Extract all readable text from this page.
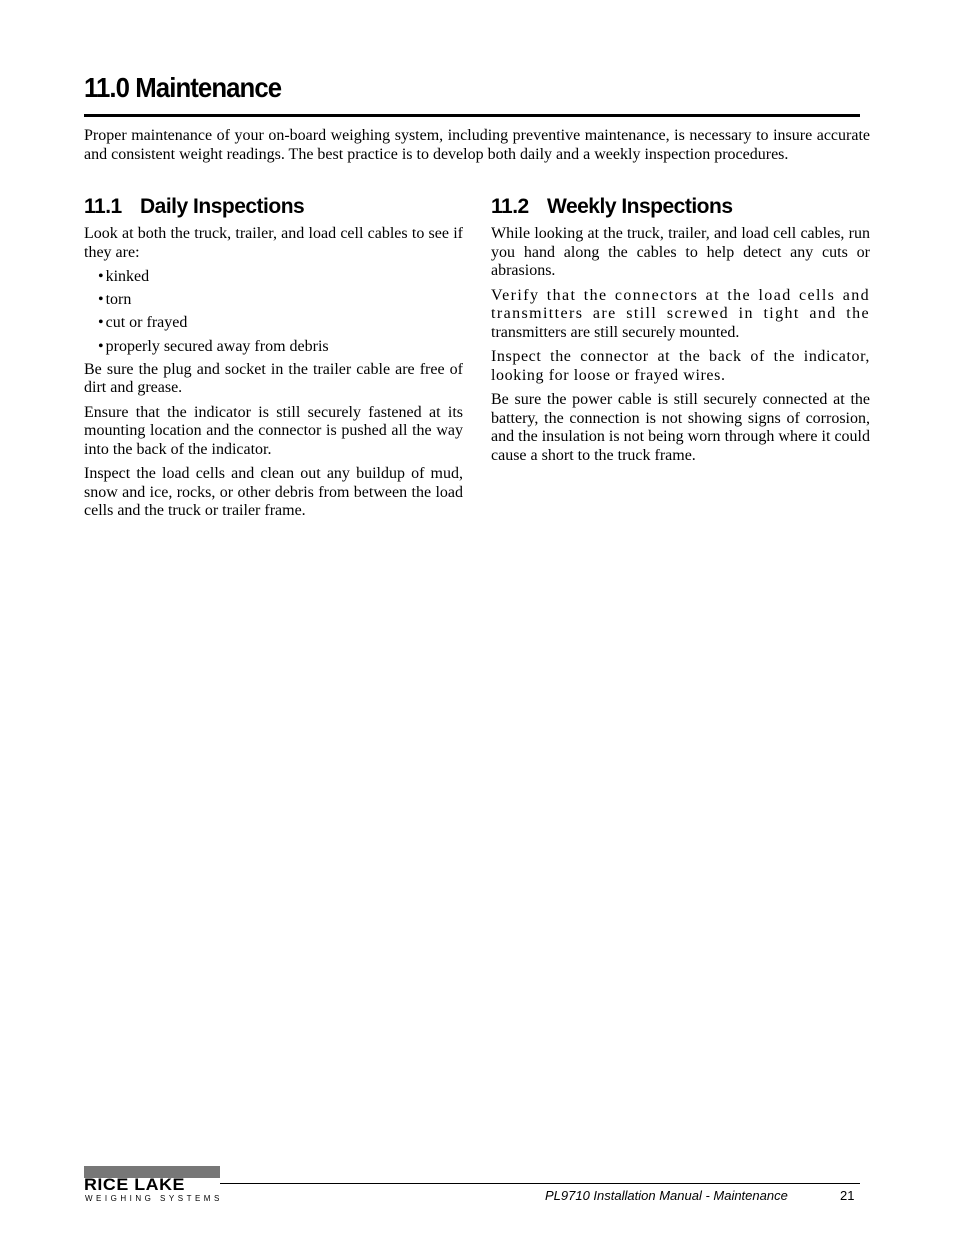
11.0 Maintenance

Proper maintenance of your on-board weighing system, including preventive maintenance, is necessary to insure accurate and consistent weight readings. The best practice is to develop both daily and a weekly inspection procedures.

11.1 Daily Inspections

Look at both the truck, trailer, and load cell cables to see if they are:

• kinked
• torn
• cut or frayed
• properly secured away from debris

Be sure the plug and socket in the trailer cable are free of dirt and grease.

Ensure that the indicator is still securely fastened at its mounting location and the connector is pushed all the way into the back of the indicator.

Inspect the load cells and clean out any buildup of mud, snow and ice, rocks, or other debris from between the load cells and the truck or trailer frame.

11.2 Weekly Inspections

While looking at the truck, trailer, and load cell cables, run you hand along the cables to help detect any cuts or abrasions.

Verify that the connectors at the load cells and transmitters are still screwed in tight and the transmitters are still securely mounted.

Inspect the connector at the back of the indicator, looking for loose or frayed wires.

Be sure the power cable is still securely connected at the battery, the connection is not showing signs of corrosion, and the insulation is not being worn through where it could cause a short to the truck frame.

RICE LAKE
WEIGHING SYSTEMS	PL9710 Installation Manual - Maintenance	21
